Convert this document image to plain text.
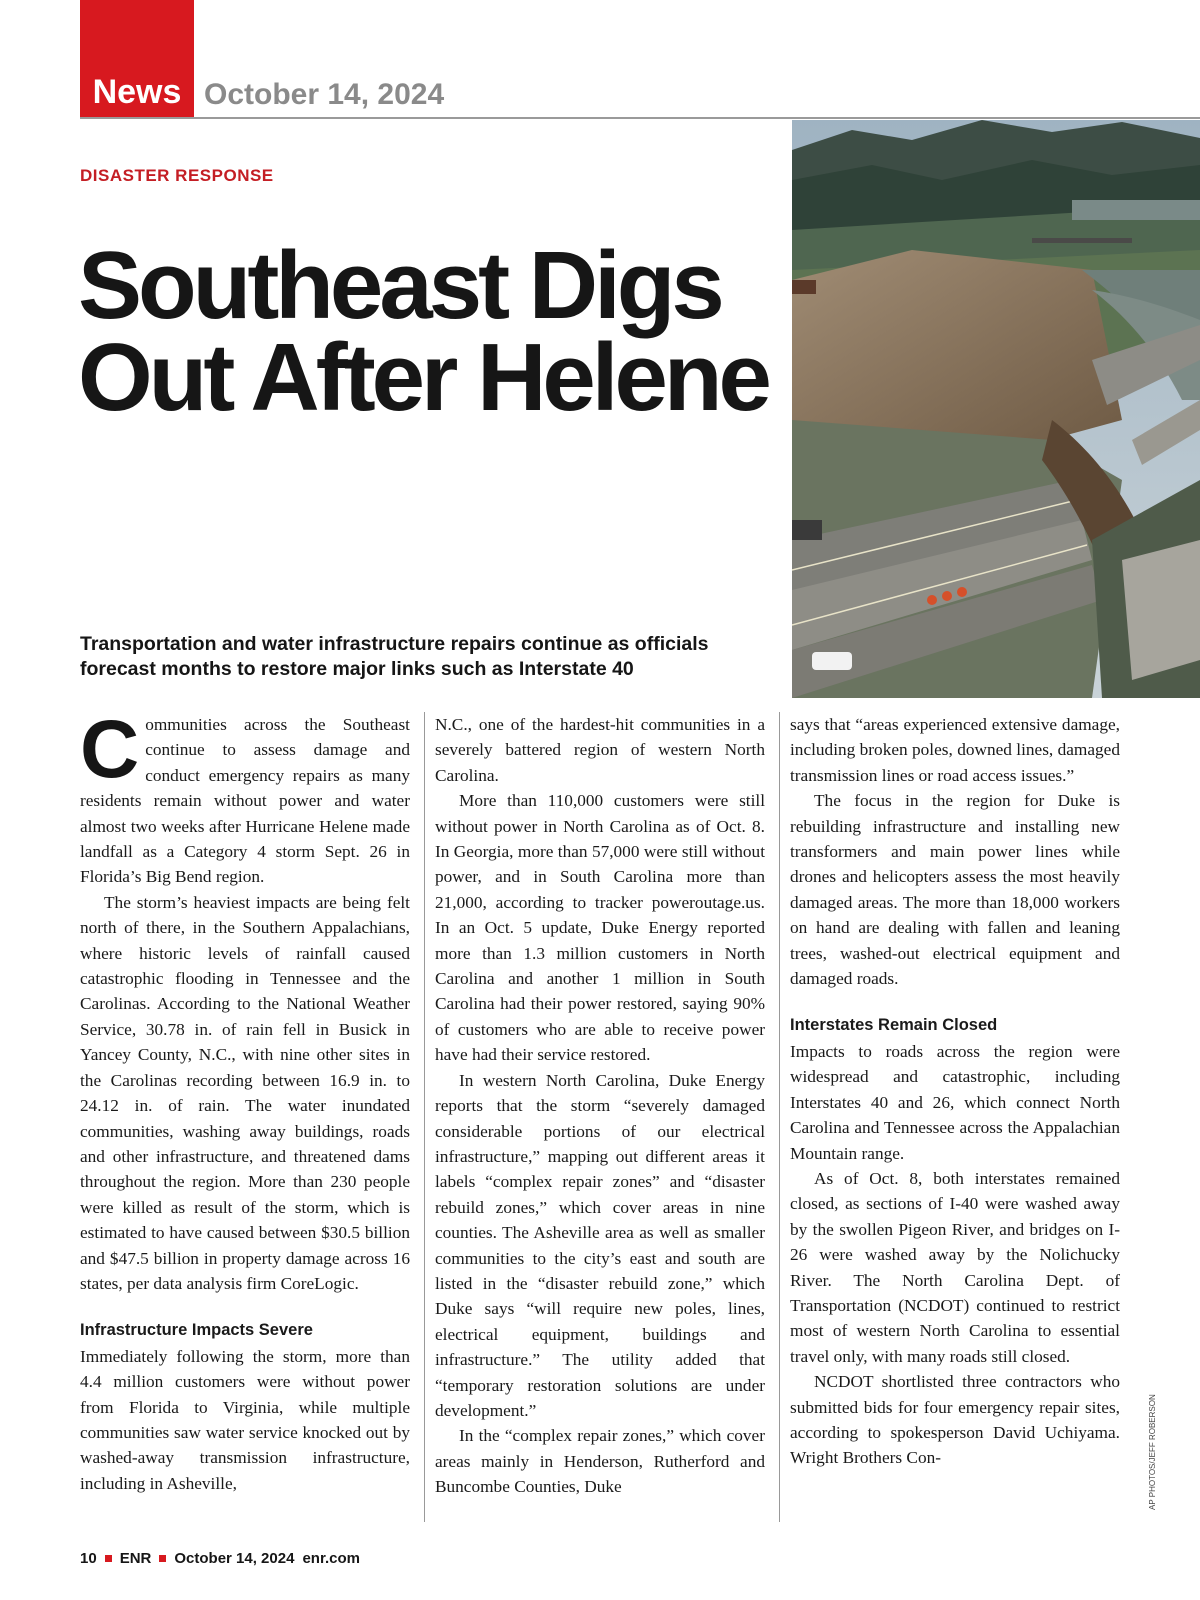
News October 14, 2024
DISASTER RESPONSE
Southeast Digs Out After Helene

Transportation and water infrastructure repairs continue as officials forecast months to restore major links such as Interstate 40

AP PHOTOS/JEFF ROBERSON

Communities across the Southeast continue to assess damage and conduct emergency repairs as many residents remain without power and water almost two weeks after Hurricane Helene made landfall as a Category 4 storm Sept. 26 in Florida’s Big Bend region.

The storm’s heaviest impacts are being felt north of there, in the Southern Appalachians, where historic levels of rainfall caused catastrophic flooding in Tennessee and the Carolinas. According to the National Weather Service, 30.78 in. of rain fell in Busick in Yancey County, N.C., with nine other sites in the Carolinas recording between 16.9 in. to 24.12 in. of rain. The water inundated communities, washing away buildings, roads and other infrastructure, and threatened dams throughout the region. More than 230 people were killed as result of the storm, which is estimated to have caused between $30.5 billion and $47.5 billion in property damage across 16 states, per data analysis firm CoreLogic.

Infrastructure Impacts Severe

Immediately following the storm, more than 4.4 million customers were without power from Florida to Virginia, while multiple communities saw water service knocked out by washed-away transmission infrastructure, including in Asheville,

N.C., one of the hardest-hit communities in a severely battered region of western North Carolina.

More than 110,000 customers were still without power in North Carolina as of Oct. 8. In Georgia, more than 57,000 were still without power, and in South Carolina more than 21,000, according to tracker poweroutage.us. In an Oct. 5 update, Duke Energy reported more than 1.3 million customers in North Carolina and another 1 million in South Carolina had their power restored, saying 90% of customers who are able to receive power have had their service restored.

In western North Carolina, Duke Energy reports that the storm “severely damaged considerable portions of our electrical infrastructure,” mapping out different areas it labels “complex repair zones” and “disaster rebuild zones,” which cover areas in nine counties. The Asheville area as well as smaller communities to the city’s east and south are listed in the “disaster rebuild zone,” which Duke says “will require new poles, lines, electrical equipment, buildings and infrastructure.” The utility added that “temporary restoration solutions are under development.”

In the “complex repair zones,” which cover areas mainly in Henderson, Rutherford and Buncombe Counties, Duke

says that “areas experienced extensive damage, including broken poles, downed lines, damaged transmission lines or road access issues.”

The focus in the region for Duke is rebuilding infrastructure and installing new transformers and main power lines while drones and helicopters assess the most heavily damaged areas. The more than 18,000 workers on hand are dealing with fallen and leaning trees, washed-out electrical equipment and damaged roads.

Interstates Remain Closed

Impacts to roads across the region were widespread and catastrophic, including Interstates 40 and 26, which connect North Carolina and Tennessee across the Appalachian Mountain range.

As of Oct. 8, both interstates remained closed, as sections of I-40 were washed away by the swollen Pigeon River, and bridges on I-26 were washed away by the Nolichucky River. The North Carolina Dept. of Transportation (NCDOT) continued to restrict most of western North Carolina to essential travel only, with many roads still closed.

NCDOT shortlisted three contractors who submitted bids for four emergency repair sites, according to spokesperson David Uchiyama. Wright Brothers Con-

10 ENR October 14, 2024 enr.com
